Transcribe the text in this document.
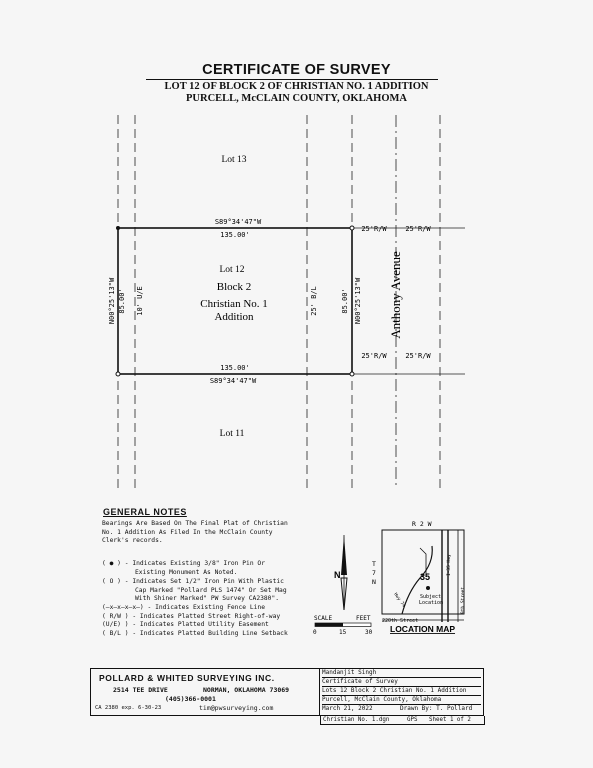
CERTIFICATE OF SURVEY
LOT 12 OF BLOCK 2 OF CHRISTIAN NO. 1 ADDITION
PURCELL, McCLAIN COUNTY, OKLAHOMA
Lot 13
Lot 11
Lot 12
Block 2
Christian No. 1
Addition
S89°34'47"W
135.00'
135.00'
S89°34'47"W
N00°25'13"W 85.00' 10' U/E	25' B/L	85.00' N00°25'13"W
25'R/W	25'R/W
25'R/W	25'R/W
Anthony Avenue
GENERAL NOTES
Bearings Are Based On The Final Plat of Christian
No. 1 Addition As Filed In the McClain County
Clerk's records.
( ● ) - Indicates Existing 3/8" Iron Pin Or
Existing Monument As Noted.
( O ) - Indicates Set 1/2" Iron Pin With Plastic
Cap Marked "Pollard PLS 1474" Or Set Mag
With Shiner Marked" PW Survey CA2380".
(—x—x—x—x—) - Indicates Existing Fence Line
( R/W ) - Indicates Platted Street Right-of-way
(U/E) ) - Indicates Platted Utility Easement
( B/L ) - Indicates Platted Building Line Setback
N
SCALE	FEET
0	15	30
R 2 W
T
7
N	35
I-35 Hwy
9th Street
Hwy 74	Subject
Location
220th Street
LOCATION MAP
POLLARD & WHITED SURVEYING INC.
2514 TEE DRIVE	NORMAN, OKLAHOMA 73069
(405)366-0001
CA 2380 exp. 6-30-23	tim@pwsurveying.com
Mandanjit Singh
Certificate of Survey
Lots 12 Block 2 Christian No. 1 Addition
Purcell, McClain County, Oklahoma
March 21, 2022	Drawn By: T. Pollard
Christian No. 1.dgn	GPS Sheet 1 of 2
